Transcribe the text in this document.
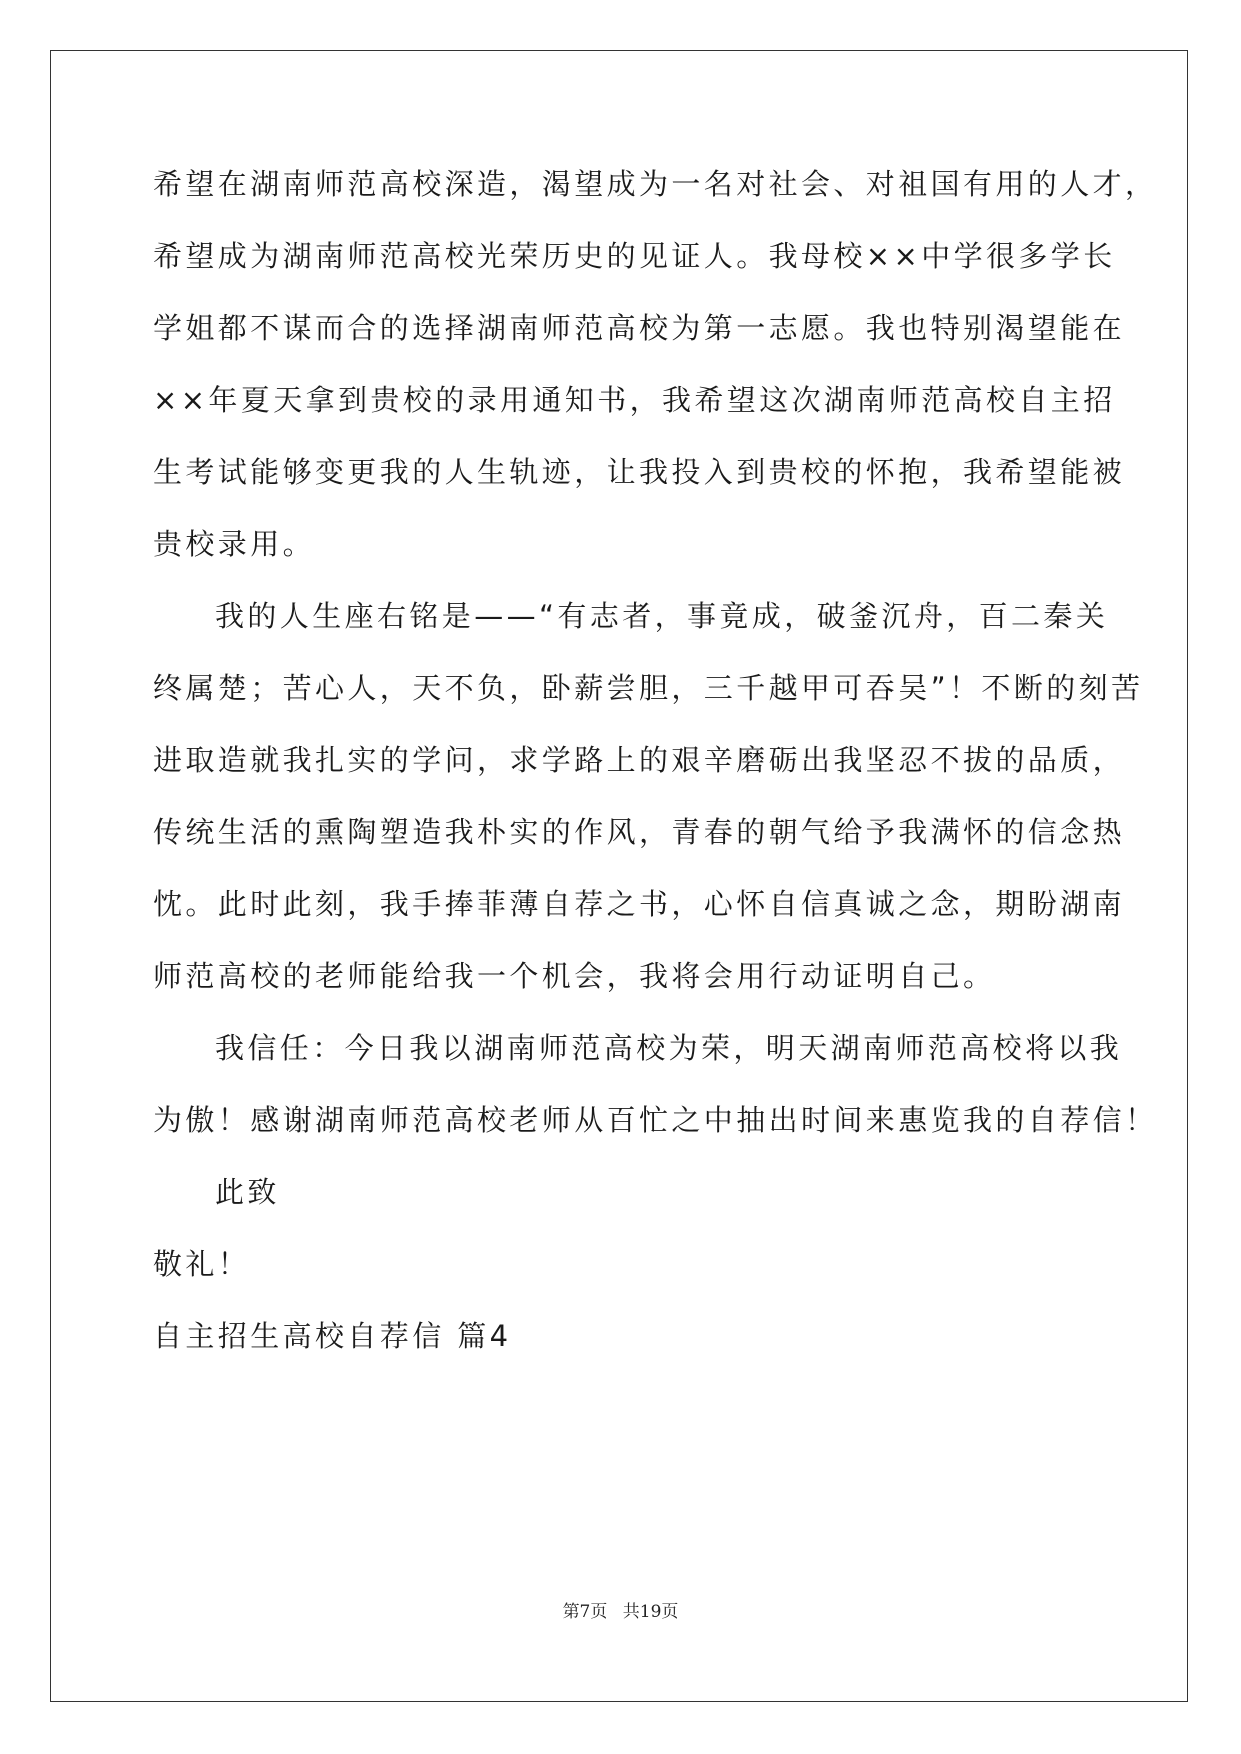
希望在湖南师范高校深造，渴望成为一名对社会、对祖国有用的人才，
希望成为湖南师范高校光荣历史的见证人。我母校××中学很多学长
学姐都不谋而合的选择湖南师范高校为第一志愿。我也特别渴望能在
××年夏天拿到贵校的录用通知书，我希望这次湖南师范高校自主招
生考试能够变更我的人生轨迹，让我投入到贵校的怀抱，我希望能被
贵校录用。
我的人生座右铭是——“有志者，事竟成，破釜沉舟，百二秦关
终属楚；苦心人，天不负，卧薪尝胆，三千越甲可吞吴”！不断的刻苦
进取造就我扎实的学问，求学路上的艰辛磨砺出我坚忍不拔的品质，
传统生活的熏陶塑造我朴实的作风，青春的朝气给予我满怀的信念热
忱。此时此刻，我手捧菲薄自荐之书，心怀自信真诚之念，期盼湖南
师范高校的老师能给我一个机会，我将会用行动证明自己。
我信任：今日我以湖南师范高校为荣，明天湖南师范高校将以我
为傲！感谢湖南师范高校老师从百忙之中抽出时间来惠览我的自荐信！
此致
敬礼！
自主招生高校自荐信 篇4
第7页 共19页
